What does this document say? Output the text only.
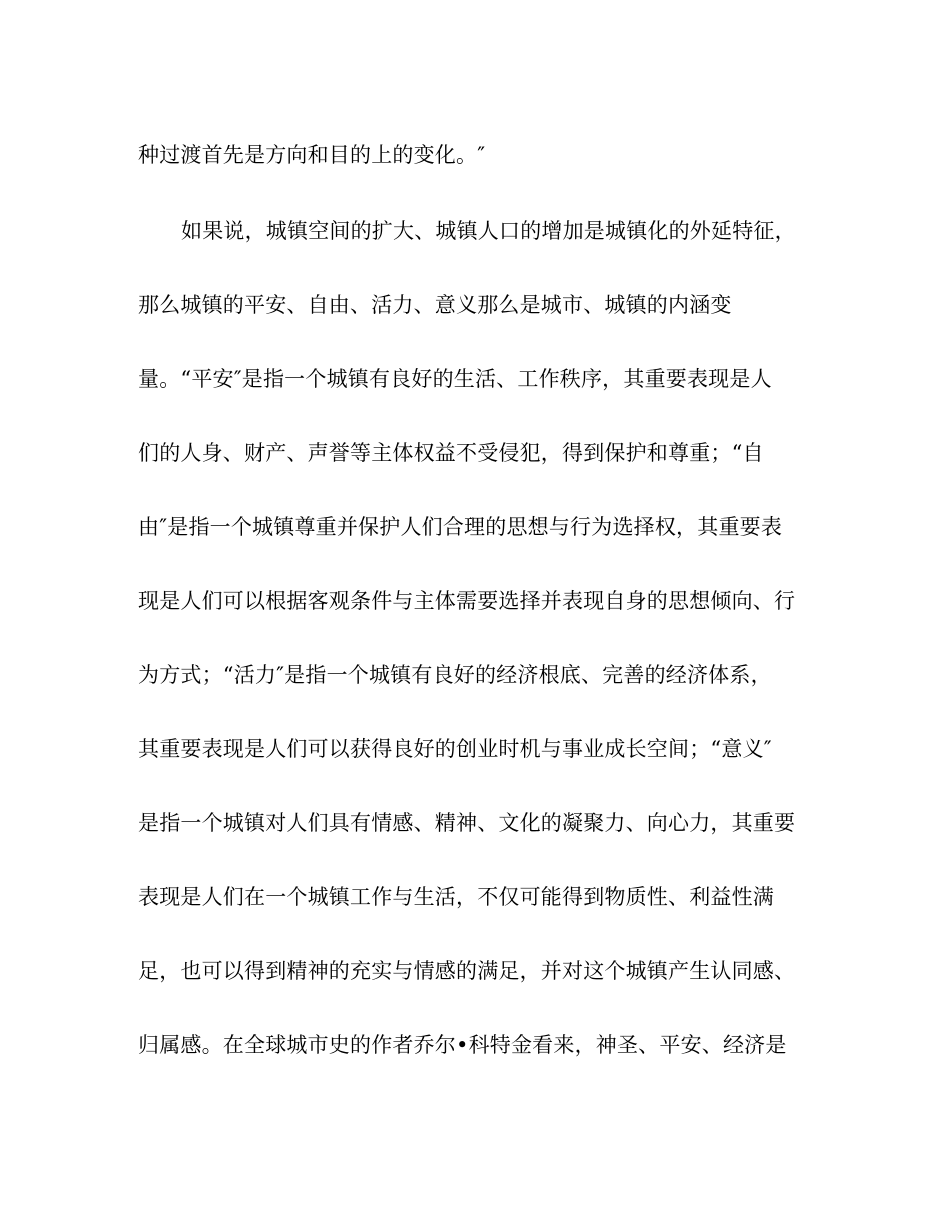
种过渡首先是方向和目的上的变化。″
如果说，城镇空间的扩大、城镇人口的增加是城镇化的外延特征，
那么城镇的平安、自由、活力、意义那么是城市、城镇的内涵变
量。“平安″是指一个城镇有良好的生活、工作秩序，其重要表现是人
们的人身、财产、声誉等主体权益不受侵犯，得到保护和尊重；“自
由″是指一个城镇尊重并保护人们合理的思想与行为选择权，其重要表
现是人们可以根据客观条件与主体需要选择并表现自身的思想倾向、行
为方式；“活力″是指一个城镇有良好的经济根底、完善的经济体系，
其重要表现是人们可以获得良好的创业时机与事业成长空间；“意义″
是指一个城镇对人们具有情感、精神、文化的凝聚力、向心力，其重要
表现是人们在一个城镇工作与生活，不仅可能得到物质性、利益性满
足，也可以得到精神的充实与情感的满足，并对这个城镇产生认同感、
归属感。在全球城市史的作者乔尔•科特金看来，神圣、平安、经济是
